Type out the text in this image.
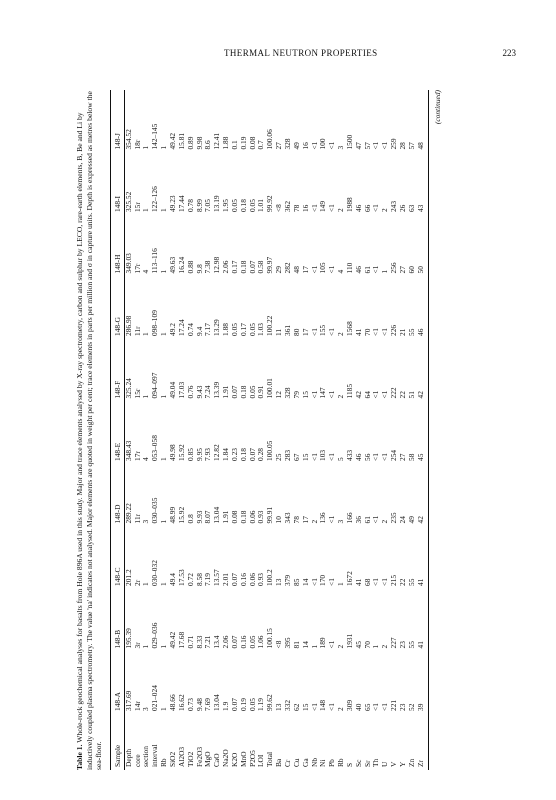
THERMAL NEUTRON PROPERTIES	223

Table 1. Whole-rock geochemical analyses for basalts from Hole 896A used in this study. Major and trace elements analysed by X-ray spectrometry, carbon and sulphur by LECO, rare-earth elements, B, Be and Li by inductively coupled plasma spectrometry. The value 'na' indicates not analysed. Major elements are quoted in weight per cent; trace elements in parts per million and σ in capture units. Depth is expressed as metres below the sea-floor. Sample	148-A	148-B	148-C	148-D	148-E	148-F	148-G	148-H	148-I	148-J
Depth	317.69	195.39	201.2	289.22	348.43	325.24	286.98	349.03	325.52	354.52
core	14r	3r	2r	11r	17r	15r	11r	17r	15r	18r
section	3	1	1	3	4	1	1	4	1	1
interval	021–024	029–036	030–032	030–035	053–058	094–097	098–109	113–116	122–126	142–145
Rb	1	1	1	1	1	1	1	1	1	1
SiO2	48.66	49.42	49.4	48.99	49.98	49.04	49.2	49.63	49.23	49.42
Al2O3	16.62	17.68	17.53	15.92	15.92	17.03	17.24	16.24	17.44	15.81
TiO2	0.73	0.71	0.72	0.8	0.85	0.76	0.74	0.88	0.78	0.89
Fe2O3	9.48	8.33	8.58	9.93	9.95	9.43	9.4	9.8	8.99	9.98
MgO	7.69	7.21	7.19	8.07	7.93	7.24	7.17	7.38	7.05	8.6
CaO	13.04	13.4	13.57	13.04	12.82	13.39	13.29	12.98	13.19	12.41
Na2O	1.9	2.06	2.01	1.91	1.84	1.91	1.88	2.06	1.95	1.88
K2O	0.07	0.07	0.07	0.08	0.23	0.07	0.05	0.17	0.05	0.1
MnO	0.19	0.16	0.16	0.18	0.18	0.18	0.17	0.18	0.18	0.19
P2O5	0.05	0.05	0.06	0.06	0.07	0.05	0.05	0.07	0.05	0.08
LOI	1.19	1.06	0.93	0.93	0.28	0.91	1.03	0.58	1.01	0.7
Total	99.62	100.15	100.2	99.91	100.05	100.01	100.22	99.97	99.92	100.06
Ba	13	<8	13	10	25	12	11	29	<8	27
Cr	332	395	379	343	283	328	361	282	362	328
Cu	62	81	85	78	67	79	80	48	78	49
Ga	15	14	14	17	15	15	17	17	16	16
Nb	<1	1	<1	2	<1	<1	<1	<1	<1	<1
Ni	148	189	170	136	103	147	155	105	149	100
Pb	<1	<1	<1	<1	<1	<1	<1	<1	<1	<1
Rb	2	2	1	3	5	2	2	4	2	3
S	309	1931	1672	166	433	1185	1568	110	1988	1500
Sc	40	45	41	36	46	42	41	46	46	47
Sr	65	70	68	61	56	64	70	61	66	57
Th	<1	1	<1	<1	<1	<1	<1	<1	<1	<1
U	<1	2	<1	2	<1	<1	<1	1	2	<1
V	221	227	215	235	254	222	226	256	243	259
Y	23	23	22	24	27	22	21	27	26	28
Zn	52	55	55	49	58	51	55	60	63	57
Zr	39	41	41	42	45	42	46	50	43	48
(continued)
